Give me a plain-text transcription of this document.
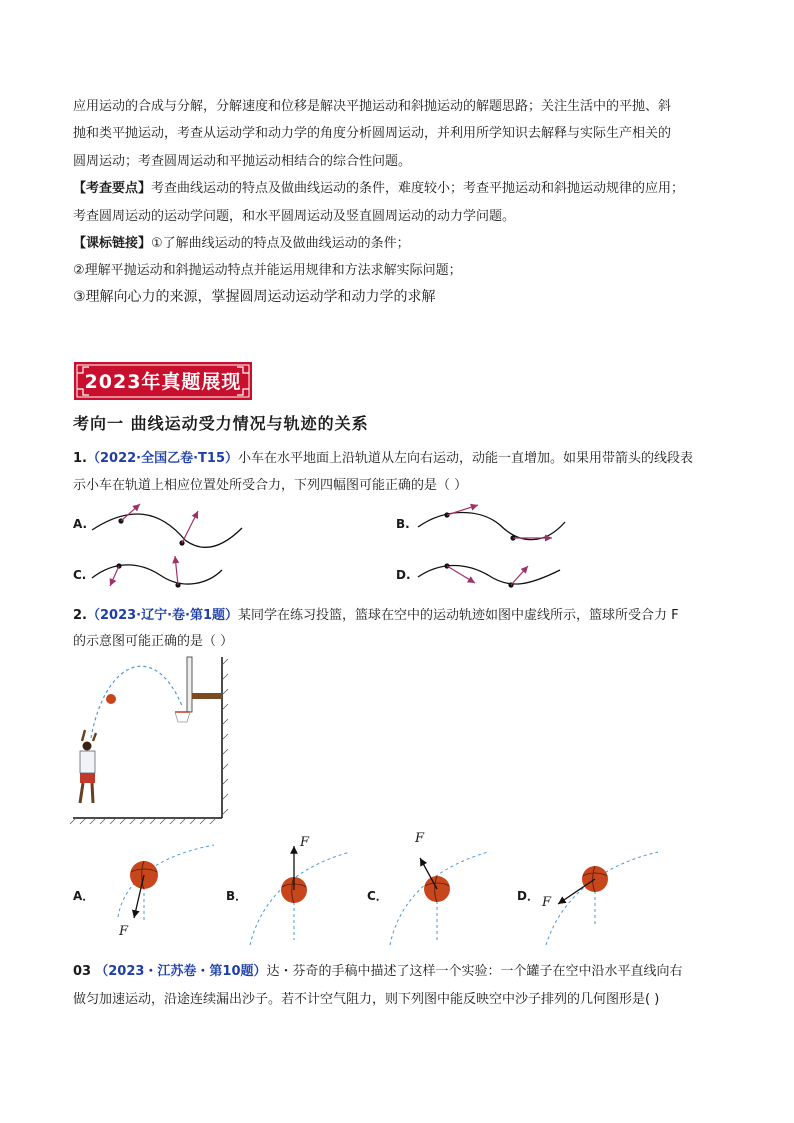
应用运动的合成与分解，分解速度和位移是解决平抛运动和斜抛运动的解题思路；关注生活中的平抛、斜
抛和类平抛运动，考查从运动学和动力学的角度分析圆周运动，并利用所学知识去解释与实际生产相关的
圆周运动；考查圆周运动和平抛运动相结合的综合性问题。
【考查要点】考查曲线运动的特点及做曲线运动的条件，难度较小；考查平抛运动和斜抛运动规律的应用；
考查圆周运动的运动学问题，和水平圆周运动及竖直圆周运动的动力学问题。
【课标链接】①了解曲线运动的特点及做曲线运动的条件；
②理解平抛运动和斜抛运动特点并能运用规律和方法求解实际问题；
③理解向心力的来源，掌握圆周运动运动学和动力学的求解
2023年真题展现
考向一 曲线运动受力情况与轨迹的关系
1.（2022·全国乙卷·T15）小车在水平地面上沿轨道从左向右运动，动能一直增加。如果用带箭头的线段表
示小车在轨道上相应位置处所受合力，下列四幅图可能正确的是（ ）
A.	B.
C.	D.
2.（2023·辽宁·卷·第1题）某同学在练习投篮，篮球在空中的运动轨迹如图中虚线所示，篮球所受合力 F
的示意图可能正确的是（ ）
A．	B．	C．	D．
F
F	F
F
03 （2023・江苏卷・第10题）达・芬奇的手稿中描述了这样一个实验：一个罐子在空中沿水平直线向右
做匀加速运动，沿途连续漏出沙子。若不计空气阻力，则下列图中能反映空中沙子排列的几何图形是( )
